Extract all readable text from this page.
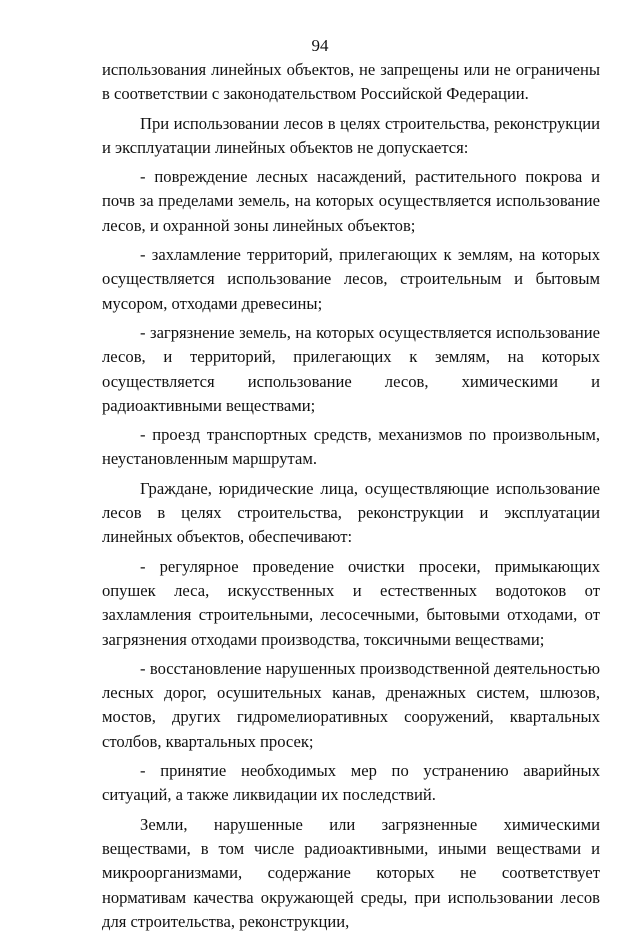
94

использования линейных объектов, не запрещены или не ограничены в соответствии с законодательством Российской Федерации.

При использовании лесов в целях строительства, реконструкции и эксплуатации линейных объектов не допускается:

- повреждение лесных насаждений, растительного покрова и почв за пределами земель, на которых осуществляется использование лесов, и охранной зоны линейных объектов;

- захламление территорий, прилегающих к землям, на которых осуществляется использование лесов, строительным и бытовым мусором, отходами древесины;

- загрязнение земель, на которых осуществляется использование лесов, и территорий, прилегающих к землям, на которых осуществляется использование лесов, химическими и радиоактивными веществами;

- проезд транспортных средств, механизмов по произвольным, неустановленным маршрутам.

Граждане, юридические лица, осуществляющие использование лесов в целях строительства, реконструкции и эксплуатации линейных объектов, обеспечивают:

- регулярное проведение очистки просеки, примыкающих опушек леса, искусственных и естественных водотоков от захламления строительными, лесосечными, бытовыми отходами, от загрязнения отходами производства, токсичными веществами;

- восстановление нарушенных производственной деятельностью лесных дорог, осушительных канав, дренажных систем, шлюзов, мостов, других гидромелиоративных сооружений, квартальных столбов, квартальных просек;

- принятие необходимых мер по устранению аварийных ситуаций, а также ликвидации их последствий.

Земли, нарушенные или загрязненные химическими веществами, в том числе радиоактивными, иными веществами и микроорганизмами, содержание которых не соответствует нормативам качества окружающей среды, при использовании лесов для строительства, реконструкции,
